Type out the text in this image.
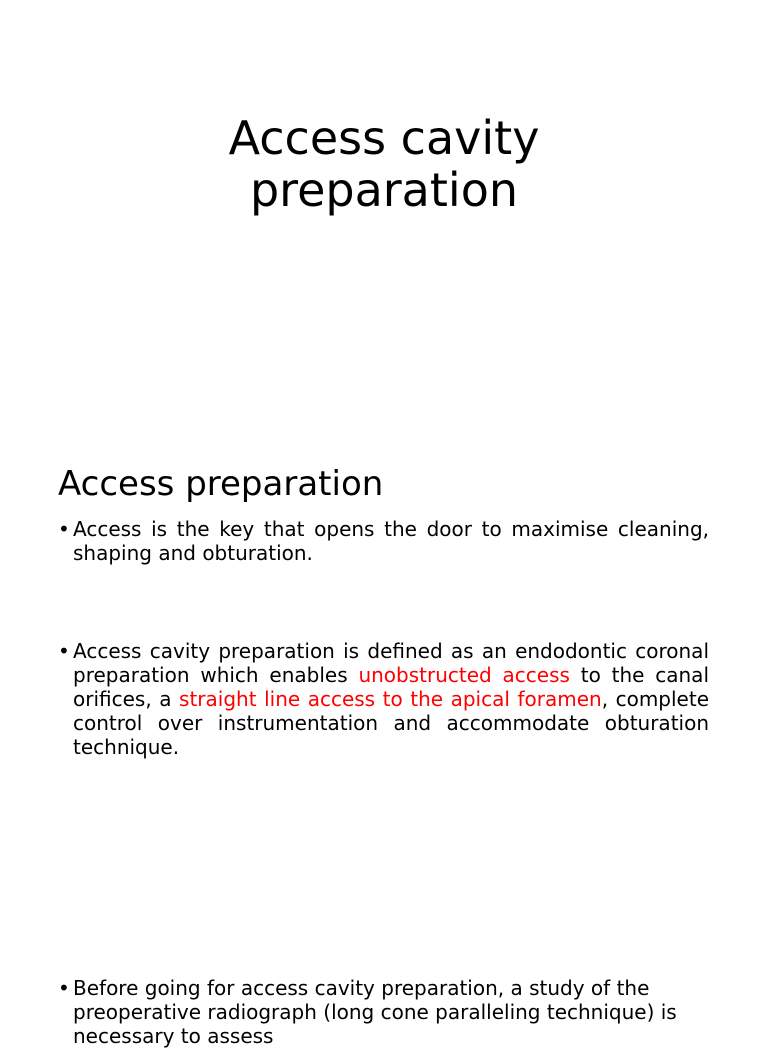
Access cavity
preparation
Access preparation
• Access is the key that opens the door to maximise cleaning, shaping and obturation.
• Access cavity preparation is defined as an endodontic coronal preparation which enables unobstructed access to the canal orifices, a straight line access to the apical foramen, complete control over instrumentation and accommodate obturation technique.
• Before going for access cavity preparation, a study of the preoperative radiograph (long cone paralleling technique) is necessary to assess
